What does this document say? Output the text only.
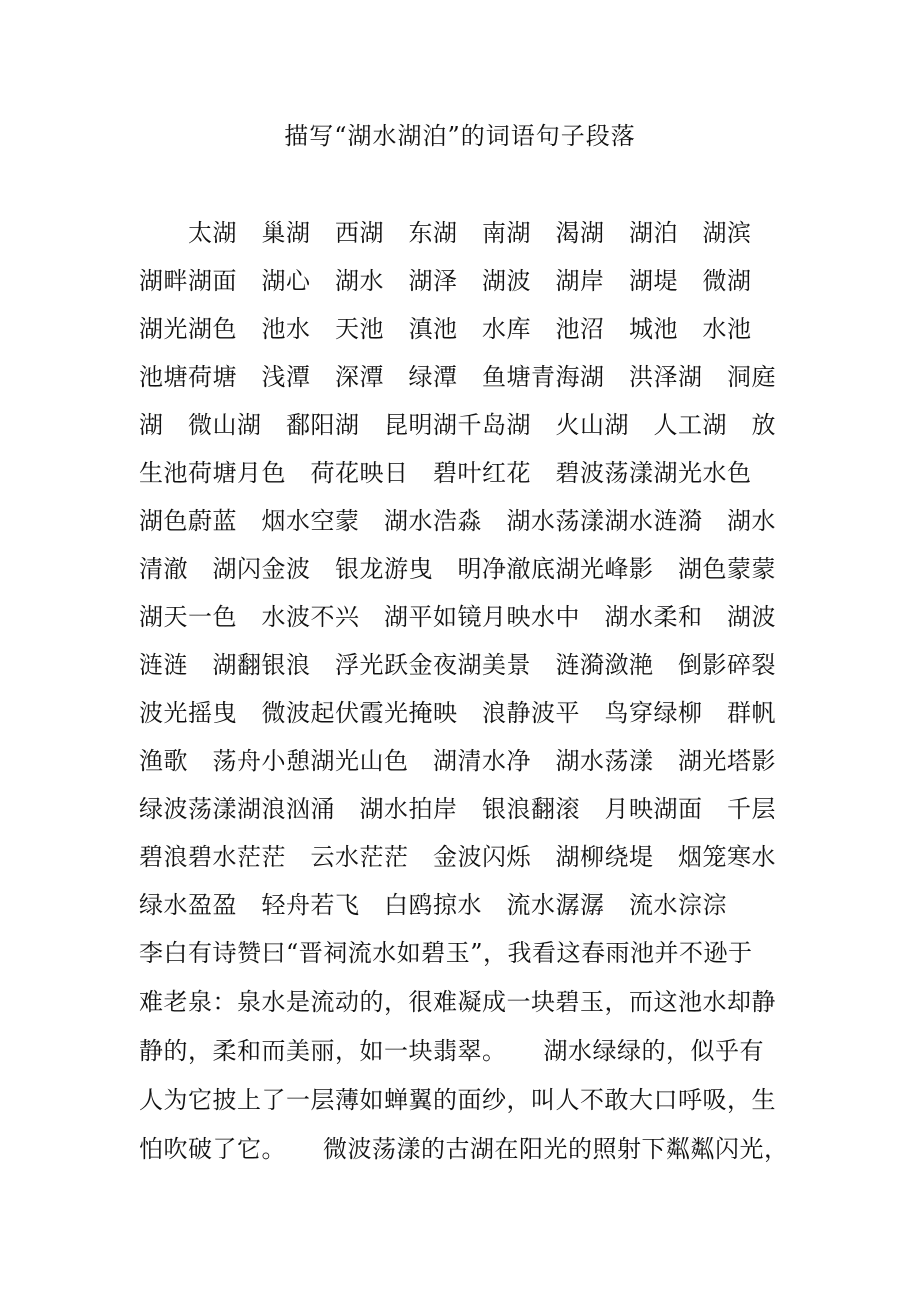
描写“湖水湖泊”的词语句子段落
　　太湖　巢湖　西湖　东湖　南湖　渴湖　湖泊　湖滨
湖畔湖面　湖心　湖水　湖泽　湖波　湖岸　湖堤　微湖
湖光湖色　池水　天池　滇池　水库　池沼　城池　水池
池塘荷塘　浅潭　深潭　绿潭　鱼塘青海湖　洪泽湖　洞庭
湖　微山湖　鄱阳湖　昆明湖千岛湖　火山湖　人工湖　放
生池荷塘月色　荷花映日　碧叶红花　碧波荡漾湖光水色
湖色蔚蓝　烟水空蒙　湖水浩淼　湖水荡漾湖水涟漪　湖水
清澈　湖闪金波　银龙游曳　明净澈底湖光峰影　湖色蒙蒙
湖天一色　水波不兴　湖平如镜月映水中　湖水柔和　湖波
涟涟　湖翻银浪　浮光跃金夜湖美景　涟漪潋滟　倒影碎裂
波光摇曳　微波起伏霞光掩映　浪静波平　鸟穿绿柳　群帆
渔歌　荡舟小憩湖光山色　湖清水净　湖水荡漾　湖光塔影
绿波荡漾湖浪汹涌　湖水拍岸　银浪翻滚　月映湖面　千层
碧浪碧水茫茫　云水茫茫　金波闪烁　湖柳绕堤　烟笼寒水
绿水盈盈　轻舟若飞　白鸥掠水　流水潺潺　流水淙淙
李白有诗赞曰“晋祠流水如碧玉”，我看这春雨池并不逊于
难老泉：泉水是流动的，很难凝成一块碧玉，而这池水却静
静的，柔和而美丽，如一块翡翠。　　湖水绿绿的，似乎有
人为它披上了一层薄如蝉翼的面纱，叫人不敢大口呼吸，生
怕吹破了它。　　微波荡漾的古湖在阳光的照射下粼粼闪光，
